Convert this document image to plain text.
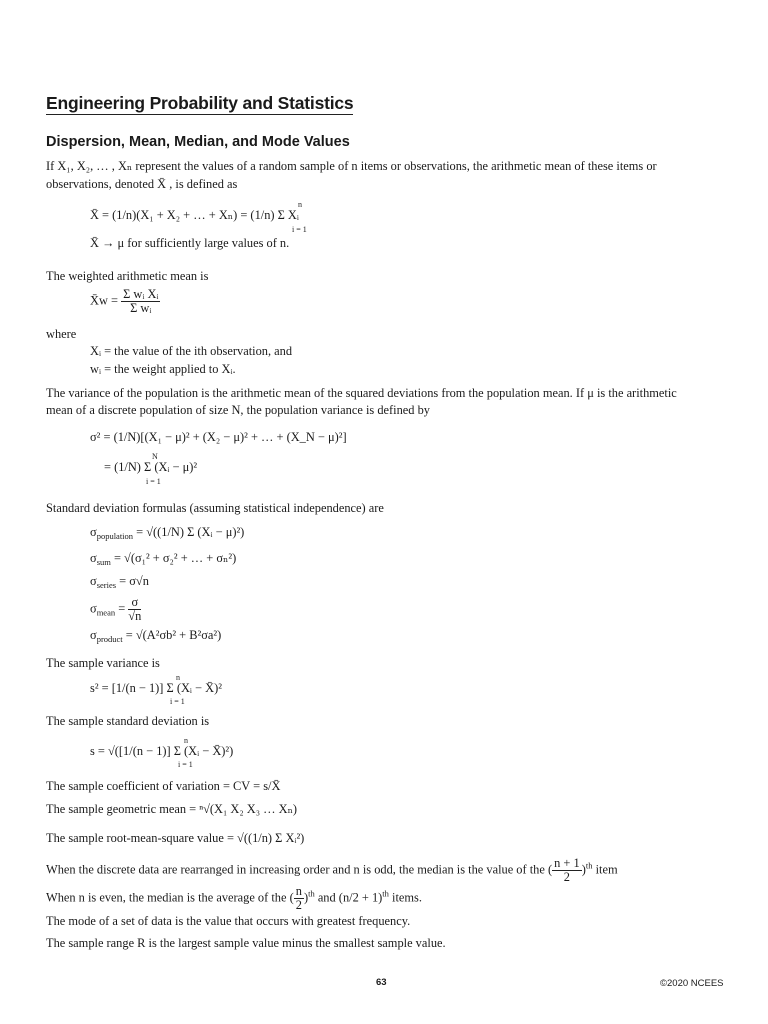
Engineering Probability and Statistics
Dispersion, Mean, Median, and Mode Values
If X₁, X₂, … , Xₙ represent the values of a random sample of n items or observations, the arithmetic mean of these items or
observations, denoted X̄ , is defined as
X̄ = (1/n)(X₁ + X₂ + … + Xₙ) = (1/n) Σ Xᵢ
n
i = 1
X̄ → μ for sufficiently large values of n.
The weighted arithmetic mean is
X̄w = $\frac{\text{Σ wᵢ Xᵢ}}{\text{Σ wᵢ}}$
where
Xᵢ = the value of the ith observation, and
wᵢ = the weight applied to Xᵢ.
The variance of the population is the arithmetic mean of the squared deviations from the population mean. If μ is the arithmetic
mean of a discrete population of size N, the population variance is defined by
σ² = (1/N)[(X₁ − μ)² + (X₂ − μ)² + … + (X_N − μ)²]
= (1/N) Σ (Xᵢ − μ)²
N
i = 1
Standard deviation formulas (assuming statistical independence) are
$\sigma_{population} = √((1/N)$ Σ (Xᵢ − μ)²)
$\sigma_{sum} = √(\sigma_1^2 + \sigma_2^2$ + … + σₙ²)
$\sigma_{series} = \sigma√n$
$\sigma_{mean} = \frac{\sigma}{√n}$
$\sigma_{product} = √(A^2\sigma b^2 + B^2\sigma a^2)$
The sample variance is
s² = [1/(n − 1)] Σ (Xᵢ − X̄)²
n
i = 1
The sample standard deviation is
s = √([1/(n − 1)] Σ (Xᵢ − X̄)²)
n
i = 1
The sample coefficient of variation = CV = s/X̄
The sample geometric mean = ⁿ√(X₁ X₂ X₃ … Xₙ)
The sample root-mean-square value = √((1/n) Σ Xᵢ²)
When the discrete data are rearranged in increasing order and n is odd, the median is the value of the ( $\frac{n + 1}{2} )^{th}$ item
When n is even, the median is the average of the ( $\frac{n}{2} )^{th}$ and $(n/2 + 1)^{th}$ items.
The mode of a set of data is the value that occurs with greatest frequency.
The sample range R is the largest sample value minus the smallest sample value.
63	©2020 NCEES
